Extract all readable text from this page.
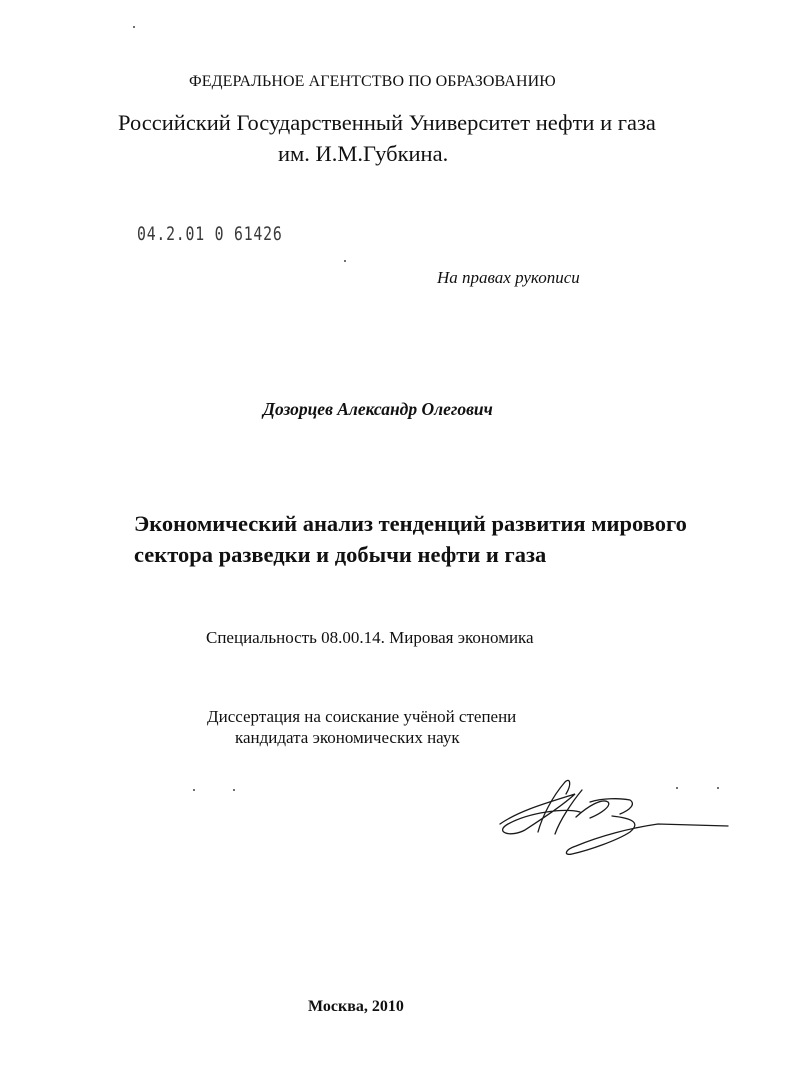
ФЕДЕРАЛЬНОЕ АГЕНТСТВО ПО ОБРАЗОВАНИЮ
Российский Государственный Университет нефти и газа
им. И.М.Губкина.
04.2.01 0 61426
На правах рукописи
Дозорцев Александр Олегович
Экономический анализ тенденций развития мирового
сектора разведки и добычи нефти и газа
Специальность 08.00.14. Мировая экономика
Диссертация на соискание учёной степени
кандидата экономических наук
Москва, 2010
